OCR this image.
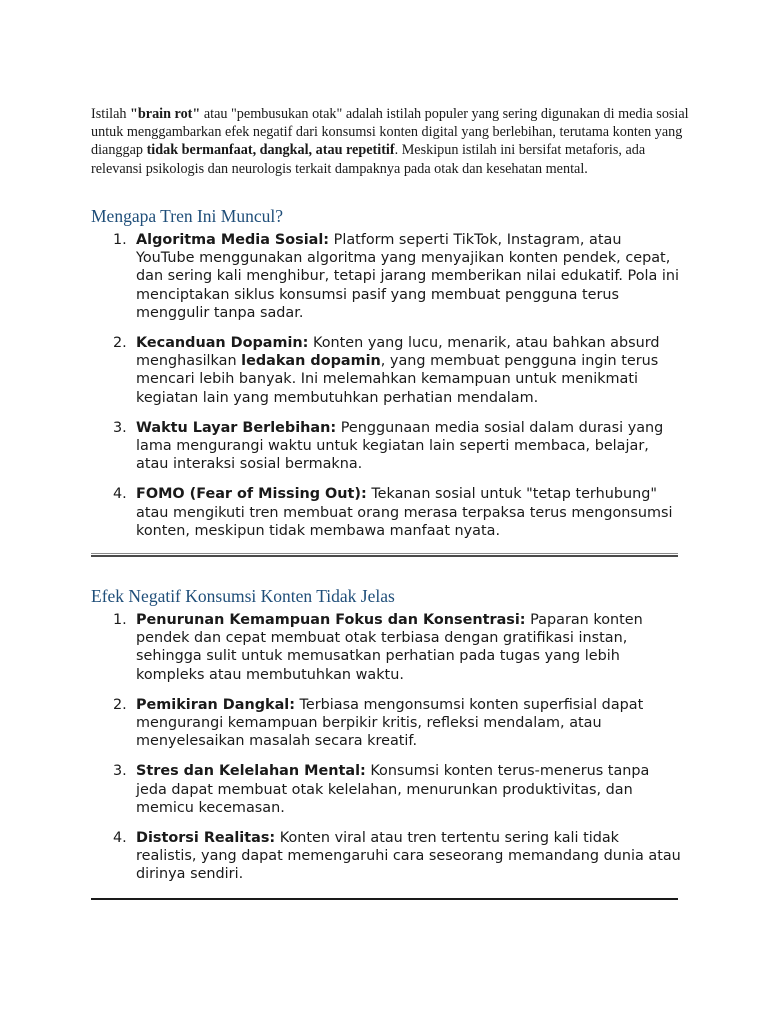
Istilah "brain rot" atau "pembusukan otak" adalah istilah populer yang sering digunakan di media sosial untuk menggambarkan efek negatif dari konsumsi konten digital yang berlebihan, terutama konten yang dianggap tidak bermanfaat, dangkal, atau repetitif. Meskipun istilah ini bersifat metaforis, ada relevansi psikologis dan neurologis terkait dampaknya pada otak dan kesehatan mental.

Mengapa Tren Ini Muncul?
1. Algoritma Media Sosial: Platform seperti TikTok, Instagram, atau YouTube menggunakan algoritma yang menyajikan konten pendek, cepat, dan sering kali menghibur, tetapi jarang memberikan nilai edukatif. Pola ini menciptakan siklus konsumsi pasif yang membuat pengguna terus menggulir tanpa sadar.
2. Kecanduan Dopamin: Konten yang lucu, menarik, atau bahkan absurd menghasilkan ledakan dopamin, yang membuat pengguna ingin terus mencari lebih banyak. Ini melemahkan kemampuan untuk menikmati kegiatan lain yang membutuhkan perhatian mendalam.
3. Waktu Layar Berlebihan: Penggunaan media sosial dalam durasi yang lama mengurangi waktu untuk kegiatan lain seperti membaca, belajar, atau interaksi sosial bermakna.
4. FOMO (Fear of Missing Out): Tekanan sosial untuk "tetap terhubung" atau mengikuti tren membuat orang merasa terpaksa terus mengonsumsi konten, meskipun tidak membawa manfaat nyata.
Efek Negatif Konsumsi Konten Tidak Jelas
1. Penurunan Kemampuan Fokus dan Konsentrasi: Paparan konten pendek dan cepat membuat otak terbiasa dengan gratifikasi instan, sehingga sulit untuk memusatkan perhatian pada tugas yang lebih kompleks atau membutuhkan waktu.
2. Pemikiran Dangkal: Terbiasa mengonsumsi konten superfisial dapat mengurangi kemampuan berpikir kritis, refleksi mendalam, atau menyelesaikan masalah secara kreatif.
3. Stres dan Kelelahan Mental: Konsumsi konten terus-menerus tanpa jeda dapat membuat otak kelelahan, menurunkan produktivitas, dan memicu kecemasan.
4. Distorsi Realitas: Konten viral atau tren tertentu sering kali tidak realistis, yang dapat memengaruhi cara seseorang memandang dunia atau dirinya sendiri.
